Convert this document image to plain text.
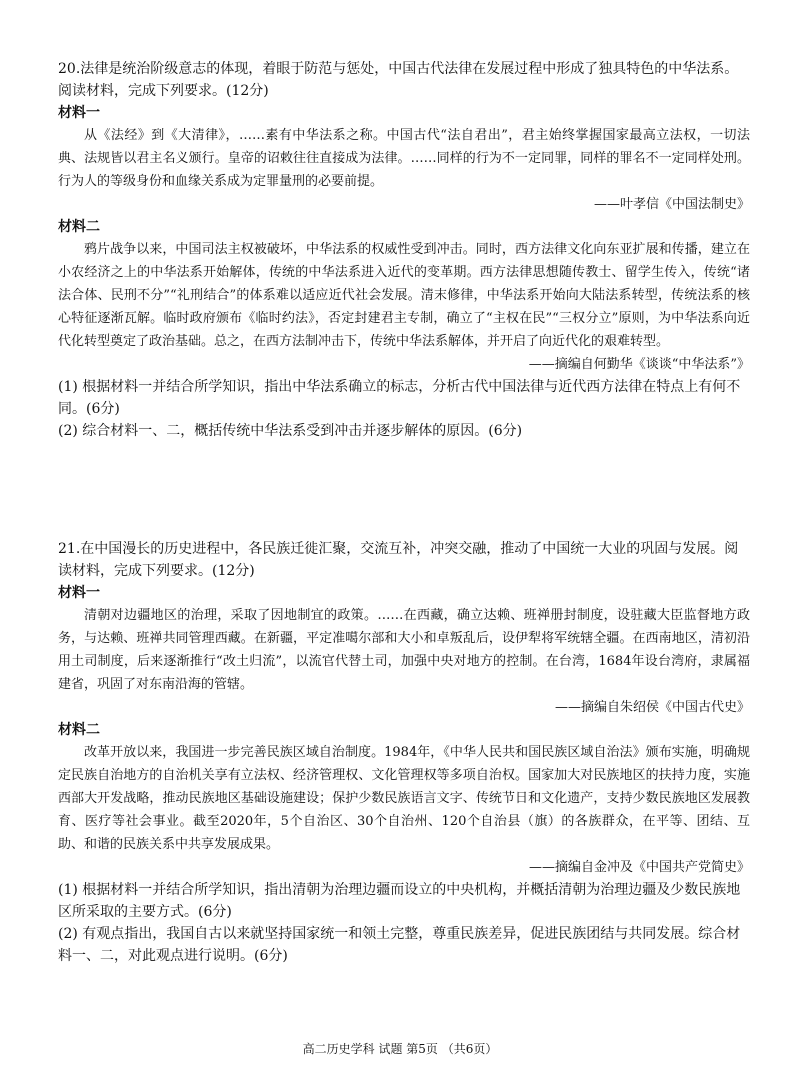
20.法律是统治阶级意志的体现，着眼于防范与惩处，中国古代法律在发展过程中形成了独具特色的中华法系。阅读材料，完成下列要求。(12分)

材料一

从《法经》到《大清律》，……素有中华法系之称。中国古代“法自君出”，君主始终掌握国家最高立法权，一切法典、法规皆以君主名义颁行。皇帝的诏敕往往直接成为法律。……同样的行为不一定同罪，同样的罪名不一定同样处刑。行为人的等级身份和血缘关系成为定罪量刑的必要前提。

——叶孝信《中国法制史》

材料二

鸦片战争以来，中国司法主权被破坏，中华法系的权威性受到冲击。同时，西方法律文化向东亚扩展和传播，建立在小农经济之上的中华法系开始解体，传统的中华法系进入近代的变革期。西方法律思想随传教士、留学生传入，传统“诸法合体、民刑不分”“礼刑结合”的体系难以适应近代社会发展。清末修律，中华法系开始向大陆法系转型，传统法系的核心特征逐渐瓦解。临时政府颁布《临时约法》，否定封建君主专制，确立了“主权在民”“三权分立”原则，为中华法系向近代化转型奠定了政治基础。总之，在西方法制冲击下，传统中华法系解体，并开启了向近代化的艰难转型。

——摘编自何勤华《谈谈“中华法系”》

(1) 根据材料一并结合所学知识，指出中华法系确立的标志，分析古代中国法律与近代西方法律在特点上有何不同。(6分)

(2) 综合材料一、二，概括传统中华法系受到冲击并逐步解体的原因。(6分)

21.在中国漫长的历史进程中，各民族迁徙汇聚，交流互补，冲突交融，推动了中国统一大业的巩固与发展。阅读材料，完成下列要求。(12分)

材料一

清朝对边疆地区的治理，采取了因地制宜的政策。……在西藏，确立达赖、班禅册封制度，设驻藏大臣监督地方政务，与达赖、班禅共同管理西藏。在新疆，平定准噶尔部和大小和卓叛乱后，设伊犁将军统辖全疆。在西南地区，清初沿用土司制度，后来逐渐推行“改土归流”，以流官代替土司，加强中央对地方的控制。在台湾，1684年设台湾府，隶属福建省，巩固了对东南沿海的管辖。

——摘编自朱绍侯《中国古代史》

材料二

改革开放以来，我国进一步完善民族区域自治制度。1984年，《中华人民共和国民族区域自治法》颁布实施，明确规定民族自治地方的自治机关享有立法权、经济管理权、文化管理权等多项自治权。国家加大对民族地区的扶持力度，实施西部大开发战略，推动民族地区基础设施建设；保护少数民族语言文字、传统节日和文化遗产，支持少数民族地区发展教育、医疗等社会事业。截至2020年，5个自治区、30个自治州、120个自治县（旗）的各族群众，在平等、团结、互助、和谐的民族关系中共享发展成果。

——摘编自金冲及《中国共产党简史》

(1) 根据材料一并结合所学知识，指出清朝为治理边疆而设立的中央机构，并概括清朝为治理边疆及少数民族地区所采取的主要方式。(6分)

(2) 有观点指出，我国自古以来就坚持国家统一和领土完整，尊重民族差异，促进民族团结与共同发展。综合材料一、二，对此观点进行说明。(6分)

高二历史学科 试题 第5页 （共6页）
